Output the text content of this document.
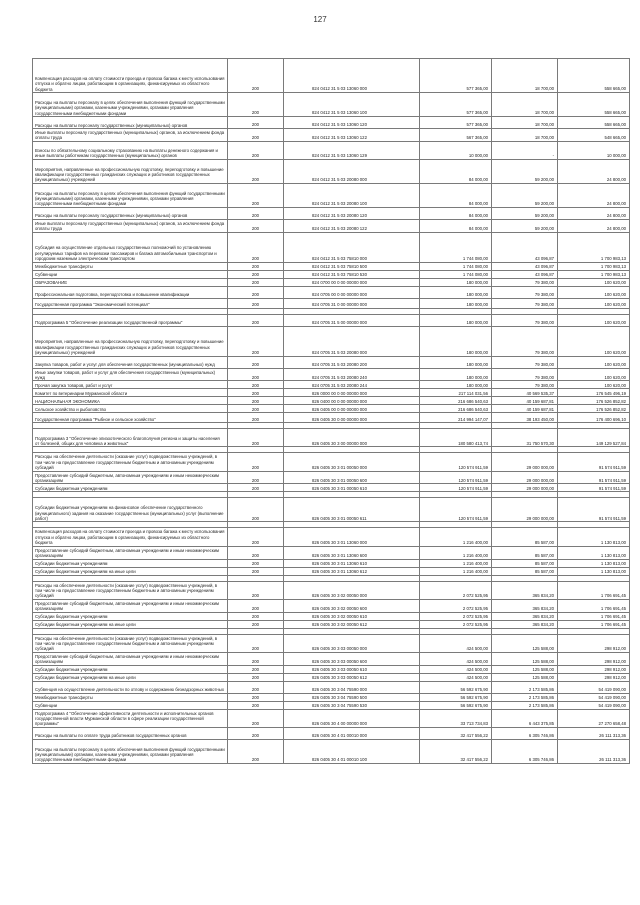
127
Компенсация расходов на оплату стоимости проезда и провоза багажа к месту использования отпуска и обратно лицам, работающим в организациях, финансируемых из областного бюджета	200	824 0412 31 5 03 13060 000	577 365,00	18 700,00	558 665,00
Расходы на выплаты персоналу в целях обеспечения выполнения функций государственными (муниципальными) органами, казенными учреждениями, органами управления государственными внебюджетными фондами	200	824 0412 31 5 03 13060 100	577 365,00	18 700,00	558 665,00
Расходы на выплаты персоналу государственных (муниципальных) органов	200	824 0412 31 5 03 13060 120	577 365,00	18 700,00	558 665,00
Иные выплаты персоналу государственных (муниципальных) органов, за исключением фонда оплаты труда	200	824 0412 31 5 03 13060 122	567 365,00	18 700,00	548 665,00
Взносы по обязательному социальному страхованию на выплаты денежного содержания и иные выплаты работникам государственных (муниципальных) органов	200	824 0412 31 5 03 13060 129	10 000,00	-	10 000,00
Мероприятия, направленные на профессиональную подготовку, переподготовку и повышение квалификации государственных гражданских служащих и работников государственных (муниципальных) учреждений	200	824 0412 31 5 03 20080 000	84 000,00	59 200,00	24 800,00
Расходы на выплаты персоналу в целях обеспечения выполнения функций государственными (муниципальными) органами, казенными учреждениями, органами управления государственными внебюджетными фондами	200	824 0412 31 5 03 20080 100	84 000,00	59 200,00	24 800,00
Расходы на выплаты персоналу государственных (муниципальных) органов	200	824 0412 31 5 03 20080 120	84 000,00	59 200,00	24 800,00
Иные выплаты персоналу государственных (муниципальных) органов, за исключением фонда оплаты труда	200	824 0412 31 5 03 20080 122	84 000,00	59 200,00	24 800,00
Субсидия на осуществление отдельных государственных полномочий по установлению регулируемых тарифов на перевозки пассажиров и багажа автомобильным транспортом и городским наземным электрическим транспортом	200	824 0412 31 5 03 75810 000	1 744 080,00	43 096,87	1 700 983,13
Межбюджетные трансферты	200	824 0412 31 5 03 75810 500	1 744 080,00	43 096,87	1 700 983,13
Субвенции	200	824 0412 31 5 03 75810 530	1 744 080,00	43 096,87	1 700 983,13
ОБРАЗОВАНИЕ	200	824 0700 00 0 00 00000 000	180 000,00	79 380,00	100 620,00
Профессиональная подготовка, переподготовка и повышение квалификации	200	824 0705 00 0 00 00000 000	180 000,00	79 380,00	100 620,00
Государственная программа "Экономический потенциал"	200	824 0705 31 0 00 00000 000	180 000,00	79 380,00	100 620,00

Подпрограмма 5 "Обеспечение реализации государственной программы"	200	824 0705 31 5 00 00000 000	180 000,00	79 380,00	100 620,00
Мероприятия, направленные на профессиональную подготовку, переподготовку и повышение квалификации государственных гражданских служащих и работников государственных (муниципальных) учреждений	200	824 0705 31 5 03 20080 000	180 000,00	79 380,00	100 620,00
Закупка товаров, работ и услуг для обеспечения государственных (муниципальных) нужд	200	824 0705 31 5 03 20080 200	180 000,00	79 380,00	100 620,00
Иные закупки товаров, работ и услуг для обеспечения государственных (муниципальных) нужд	200	824 0705 31 5 03 20080 240	180 000,00	79 380,00	100 620,00
Прочая закупка товаров, работ и услуг	200	824 0705 31 5 03 20080 244	180 000,00	79 380,00	100 620,00
Комитет по ветеринарии Мурманской области	200	826 0000 00 0 00 00000 000	217 114 031,56	40 569 535,37	176 545 496,19
НАЦИОНАЛЬНАЯ ЭКОНОМИКА	200	826 0400 00 0 00 00000 000	216 686 540,63	40 159 687,81	176 526 852,82
Сельское хозяйство и рыболовство	200	826 0405 00 0 00 00000 000	216 686 540,63	40 159 687,81	176 526 852,82
Государственная программа "Рыбное и сельское хозяйство"	200	826 0405 30 0 00 00000 000	214 994 147,07	38 193 450,00	176 400 696,10

Подпрограмма 3 "Обеспечение эпизоотического благополучия региона и защиты населения от болезней, общих для человека и животных"	200	826 0405 30 3 00 00000 000	180 580 413,74	31 750 570,30	149 129 527,84

Расходы на обеспечение деятельности (оказание услуг) подведомственных учреждений, в том числе на предоставление государственным бюджетным и автономным учреждениям субсидий	200	826 0405 30 3 01 00050 000	120 574 911,59	29 000 000,00	91 574 911,59
Предоставление субсидий бюджетным, автономным учреждениям и иным некоммерческим организациям	200	826 0405 30 3 01 00050 600	120 574 911,59	29 000 000,00	91 574 911,59
Субсидии бюджетным учреждениям	200	826 0405 30 3 01 00050 610	120 574 911,59	29 000 000,00	91 574 911,59

Субсидии бюджетным учреждениям на финансовое обеспечение государственного (муниципального) задания на оказание государственных (муниципальных) услуг (выполнение работ)	200	826 0405 30 3 01 00050 611	120 574 911,59	29 000 000,00	91 574 911,59

Компенсация расходов на оплату стоимости проезда и провоза багажа к месту использования отпуска и обратно лицам, работающим в организациях, финансируемых из областного бюджета	200	826 0405 30 3 01 13060 000	1 216 400,00	85 587,00	1 130 813,00
Предоставление субсидий бюджетным, автономным учреждениям и иным некоммерческим организациям	200	826 0405 30 3 01 13060 600	1 216 400,00	85 587,00	1 130 813,00
Субсидии бюджетным учреждениям	200	826 0405 30 3 01 13060 610	1 216 400,00	85 587,00	1 130 813,00
Субсидии бюджетным учреждениям на иные цели	200	826 0405 30 3 01 13060 612	1 216 400,00	85 587,00	1 130 813,00

Расходы на обеспечение деятельности (оказание услуг) подведомственных учреждений, в том числе на предоставление государственным бюджетным и автономным учреждениям субсидий	200	826 0405 30 3 02 00050 000	2 072 525,95	365 834,20	1 706 691,45
Предоставление субсидий бюджетным, автономным учреждениям и иным некоммерческим организациям	200	826 0405 30 3 02 00050 600	2 072 525,95	365 834,20	1 706 691,45
Субсидии бюджетным учреждениям	200	826 0405 30 3 02 00050 610	2 072 525,95	365 834,20	1 706 691,45
Субсидии бюджетным учреждениям на иные цели	200	826 0405 30 3 02 00050 612	2 072 525,95	365 834,20	1 706 691,45

Расходы на обеспечение деятельности (оказание услуг) подведомственных учреждений, в том числе на предоставление государственным бюджетным и автономным учреждениям субсидий	200	826 0405 30 3 03 00050 000	424 500,00	125 588,00	298 912,00
Предоставление субсидий бюджетным, автономным учреждениям и иным некоммерческим организациям	200	826 0405 30 3 03 00050 600	424 500,00	125 588,00	298 912,00
Субсидии бюджетным учреждениям	200	826 0405 30 3 03 00050 610	424 500,00	125 588,00	298 912,00
Субсидии бюджетным учреждениям на иные цели	200	826 0405 30 3 03 00050 612	424 500,00	125 588,00	298 912,00
Субвенция на осуществление деятельности по отлову и содержанию безнадзорных животных	200	826 0405 30 3 04 75590 000	56 592 675,90	2 173 585,86	54 419 090,00
Межбюджетные трансферты	200	826 0405 30 3 04 75590 500	56 592 675,90	2 173 585,86	54 419 090,00
Субвенции	200	826 0405 30 3 04 75590 530	56 592 675,90	2 173 585,86	54 419 090,00
Подпрограмма 4 "Обеспечение эффективности деятельности и исполнительных органов государственной власти Мурманской области в сфере реализации государственной программы"	200	826 0405 30 4 00 00000 000	33 713 734,83	6 443 375,85	27 270 658,48
Расходы на выплаты по оплате труда работников государственных органов	200	826 0405 30 4 01 00010 000	32 417 556,22	6 305 746,86	26 111 313,36
Расходы на выплаты персоналу в целях обеспечения выполнения функций государственными (муниципальными) органами, казенными учреждениями, органами управления государственными внебюджетными фондами	200	826 0405 30 4 01 00010 100	32 417 556,22	6 305 746,86	26 111 313,36
